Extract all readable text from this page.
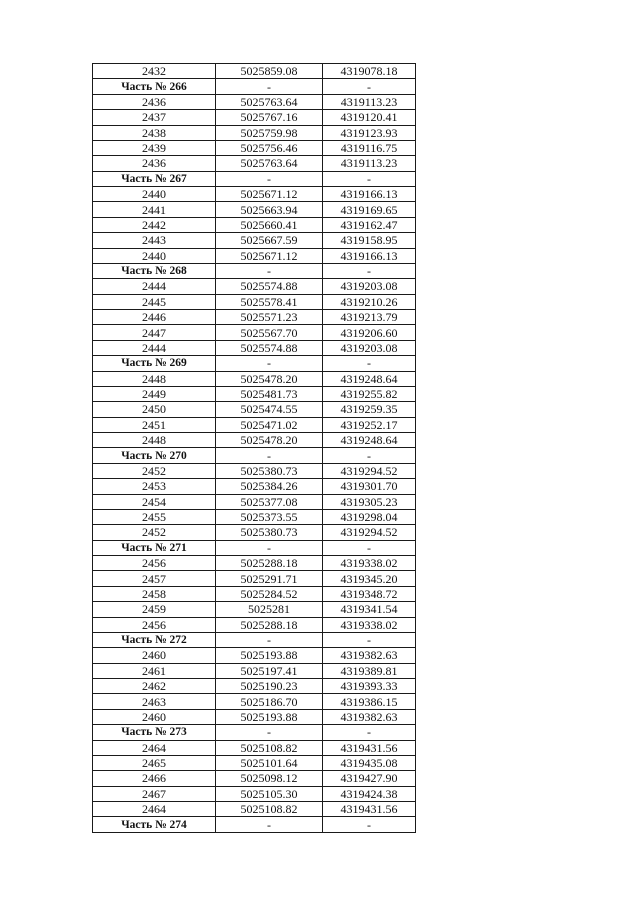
2432	5025859.08	4319078.18
Часть № 266	-	-
2436	5025763.64	4319113.23
2437	5025767.16	4319120.41
2438	5025759.98	4319123.93
2439	5025756.46	4319116.75
2436	5025763.64	4319113.23
Часть № 267	-	-
2440	5025671.12	4319166.13
2441	5025663.94	4319169.65
2442	5025660.41	4319162.47
2443	5025667.59	4319158.95
2440	5025671.12	4319166.13
Часть № 268	-	-
2444	5025574.88	4319203.08
2445	5025578.41	4319210.26
2446	5025571.23	4319213.79
2447	5025567.70	4319206.60
2444	5025574.88	4319203.08
Часть № 269	-	-
2448	5025478.20	4319248.64
2449	5025481.73	4319255.82
2450	5025474.55	4319259.35
2451	5025471.02	4319252.17
2448	5025478.20	4319248.64
Часть № 270	-	-
2452	5025380.73	4319294.52
2453	5025384.26	4319301.70
2454	5025377.08	4319305.23
2455	5025373.55	4319298.04
2452	5025380.73	4319294.52
Часть № 271	-	-
2456	5025288.18	4319338.02
2457	5025291.71	4319345.20
2458	5025284.52	4319348.72
2459	5025281	4319341.54
2456	5025288.18	4319338.02
Часть № 272	-	-
2460	5025193.88	4319382.63
2461	5025197.41	4319389.81
2462	5025190.23	4319393.33
2463	5025186.70	4319386.15
2460	5025193.88	4319382.63
Часть № 273	-	-
2464	5025108.82	4319431.56
2465	5025101.64	4319435.08
2466	5025098.12	4319427.90
2467	5025105.30	4319424.38
2464	5025108.82	4319431.56
Часть № 274	-	-
